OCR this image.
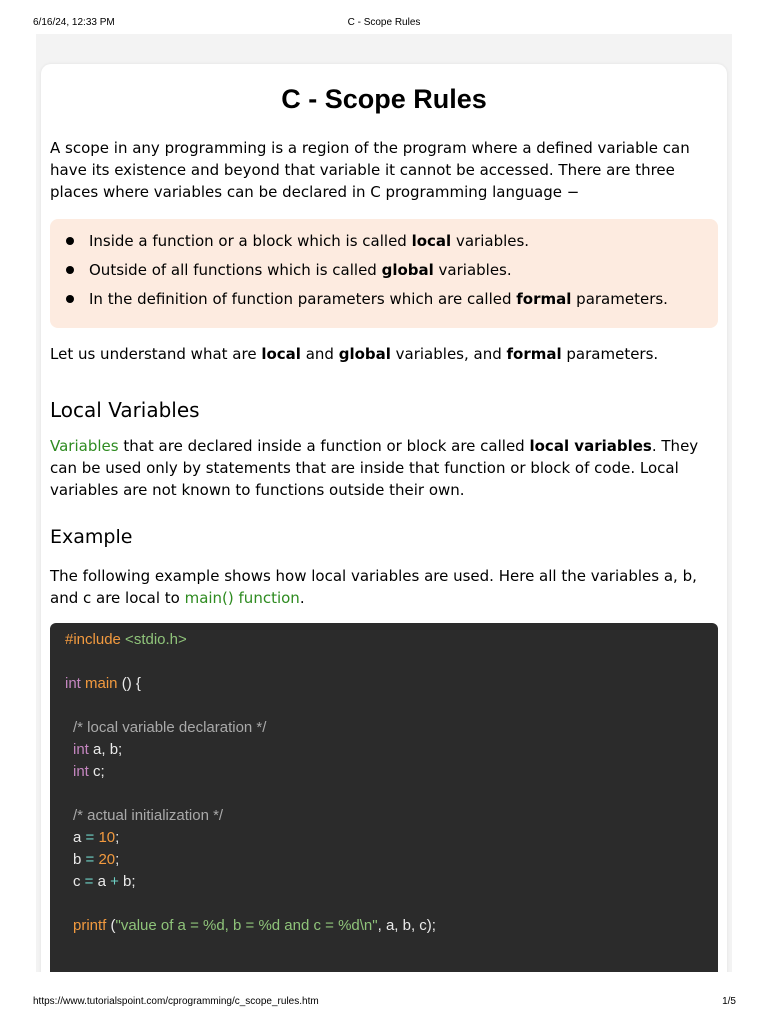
6/16/24, 12:33 PM	C - Scope Rules
C - Scope Rules

A scope in any programming is a region of the program where a defined variable can have its existence and beyond that variable it cannot be accessed. There are three places where variables can be declared in C programming language −

Inside a function or a block which is called local variables.
Outside of all functions which is called global variables.
In the definition of function parameters which are called formal parameters.

Let us understand what are local and global variables, and formal parameters.

Local Variables

Variables that are declared inside a function or block are called local variables. They can be used only by statements that are inside that function or block of code. Local variables are not known to functions outside their own.

Example

The following example shows how local variables are used. Here all the variables a, b, and c are local to main() function.

#include <stdio.h>
int main () {
/* local variable declaration */
int a, b;
int c;
/* actual initialization */
a = 10;
b = 20;
c = a + b;
printf ("value of a = %d, b = %d and c = %d\n", a, b, c);
https://www.tutorialspoint.com/cprogramming/c_scope_rules.htm	1/5
